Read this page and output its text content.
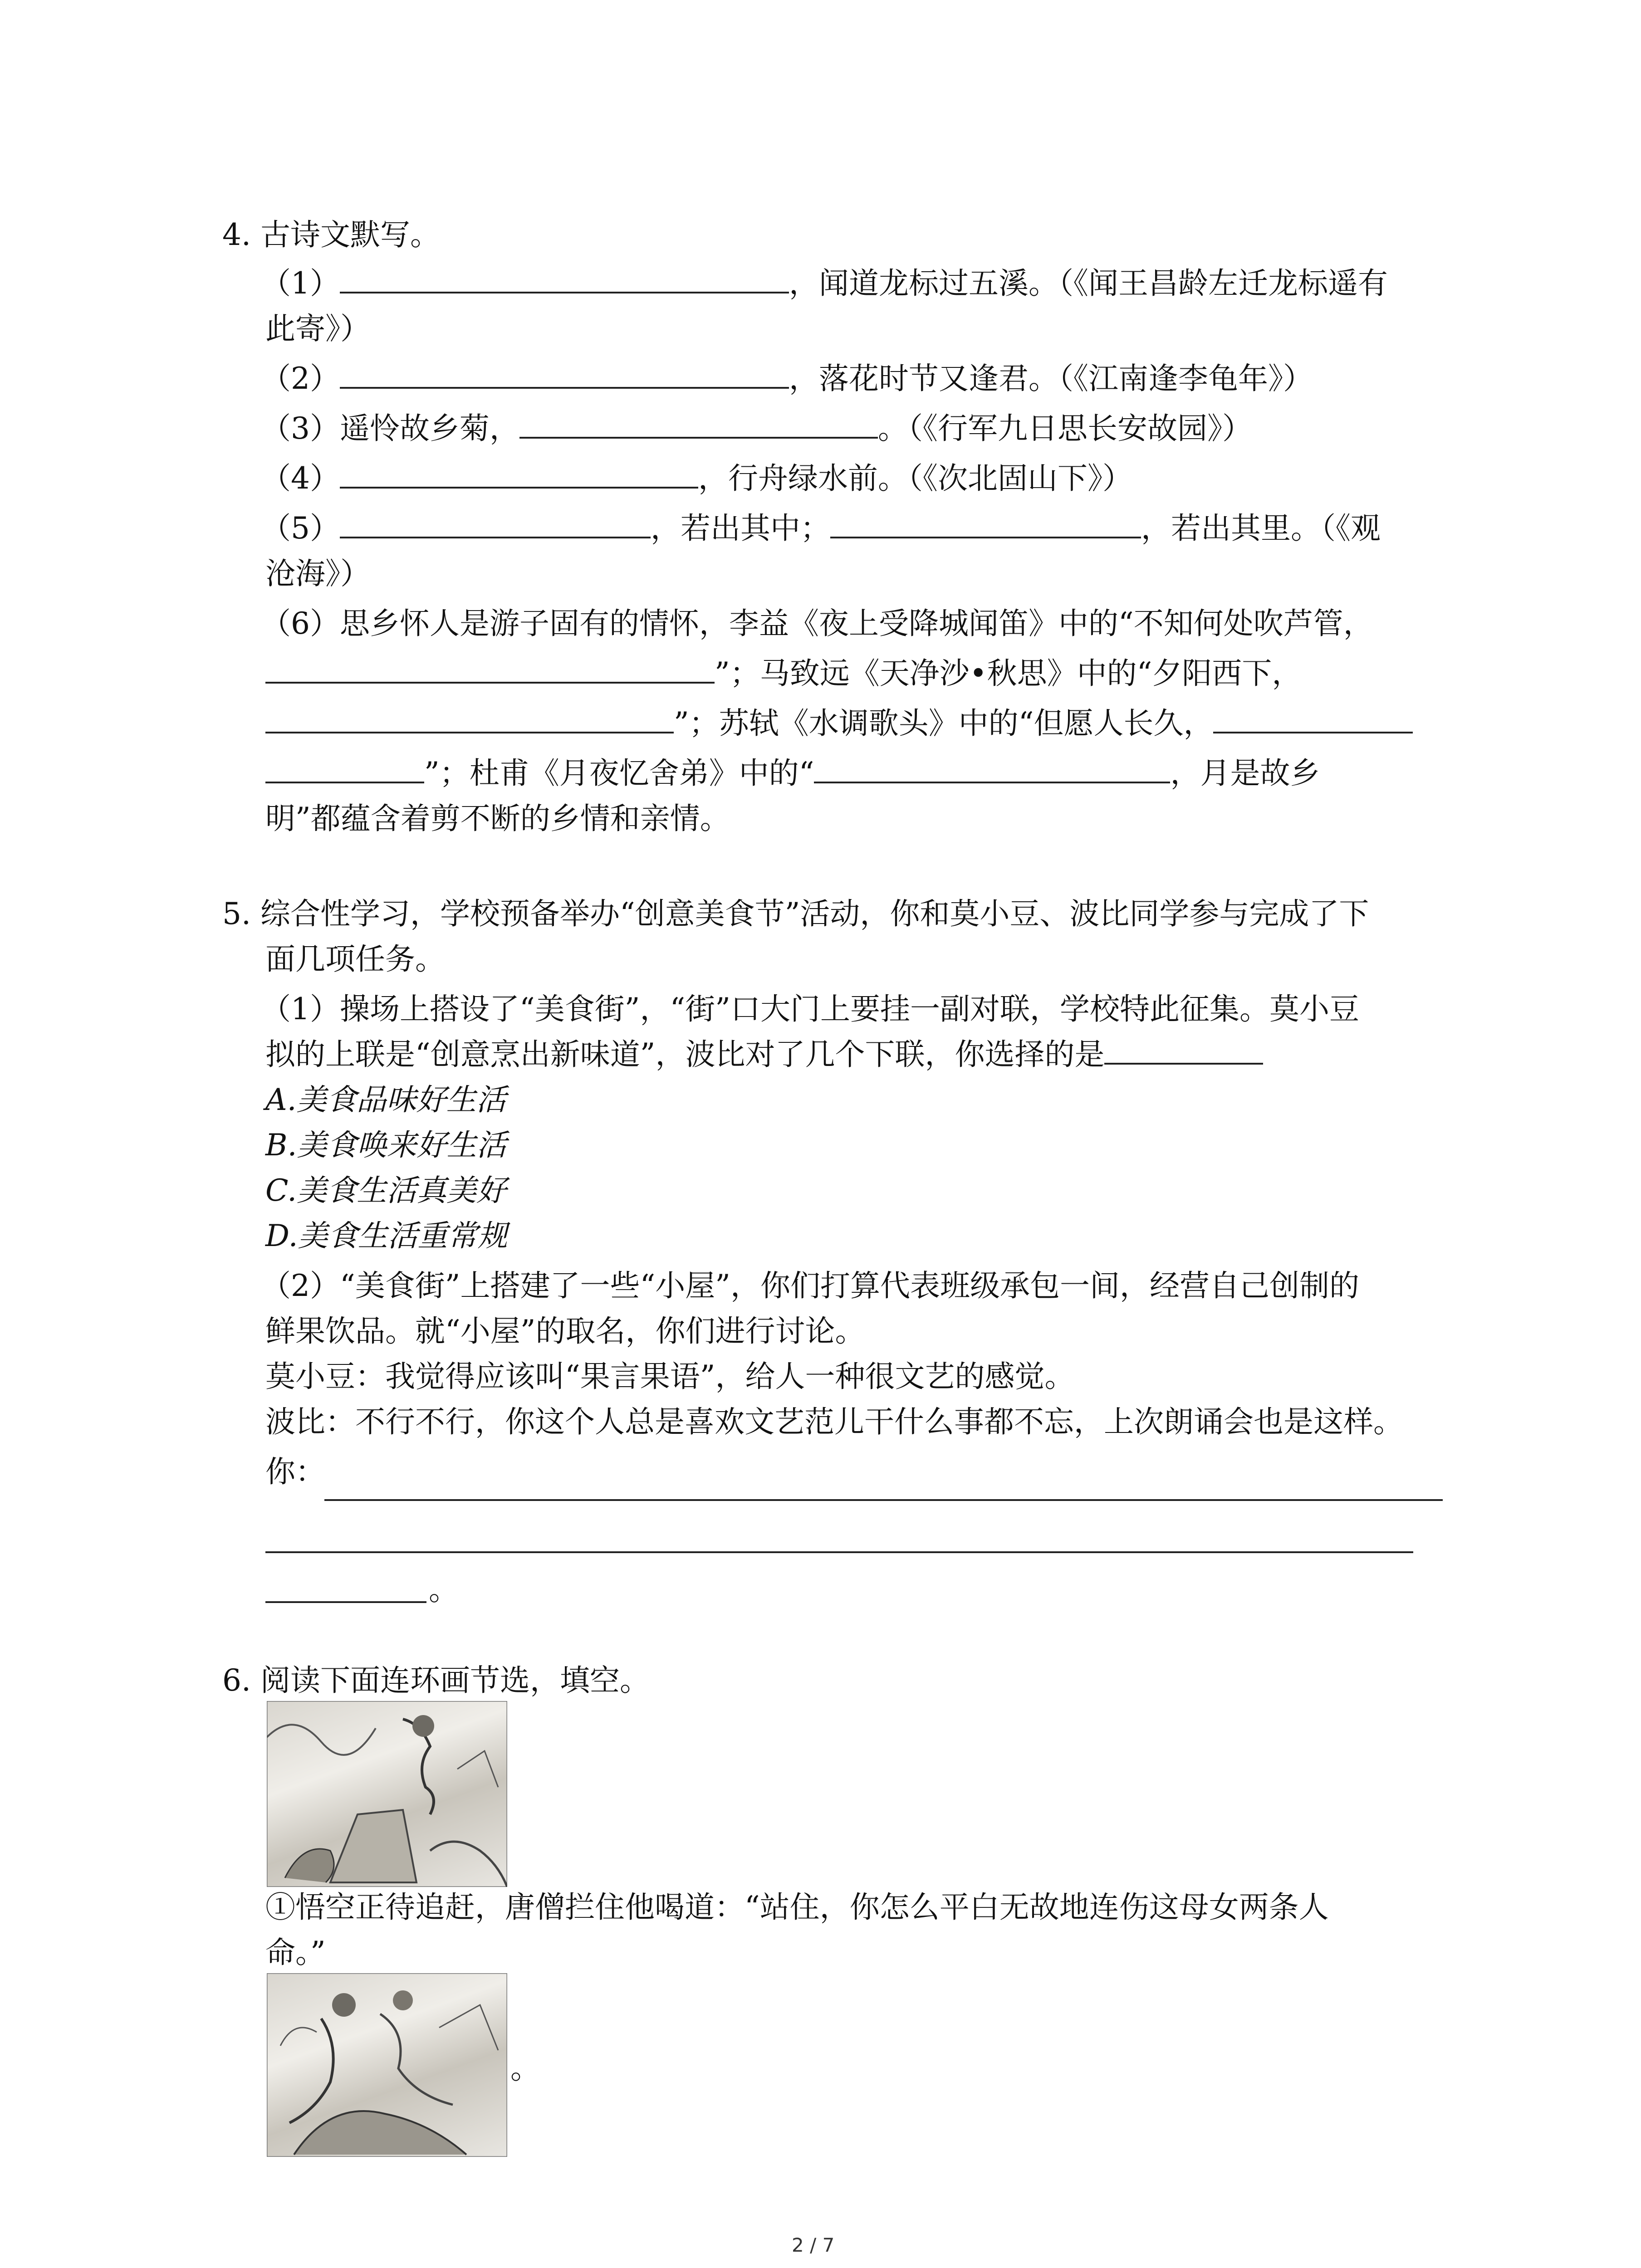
4. 古诗文默写。
（1）	，闻道龙标过五溪。（《闻王昌龄左迁龙标遥有
此寄》）
（2）	，落花时节又逢君。（《江南逢李龟年》）
（3）遥怜故乡菊，	。（《行军九日思长安故园》）
（4）	，行舟绿水前。（《次北固山下》）
（5）	，若出其中；	，若出其里。（《观
沧海》）
（6）思乡怀人是游子固有的情怀，李益《夜上受降城闻笛》中的“不知何处吹芦管，
”；马致远《天净沙•秋思》中的“夕阳西下，
”；苏轼《水调歌头》中的“但愿人长久，
”；杜甫《月夜忆舍弟》中的“	，月是故乡
明”都蕴含着剪不断的乡情和亲情。
5. 综合性学习，学校预备举办“创意美食节”活动，你和莫小豆、波比同学参与完成了下
面几项任务。
（1）操场上搭设了“美食街”，“街”口大门上要挂一副对联，学校特此征集。莫小豆
拟的上联是“创意烹出新味道”，波比对了几个下联，你选择的是
A.美食品味好生活
B.美食唤来好生活
C.美食生活真美好
D.美食生活重常规
（2）“美食街”上搭建了一些“小屋”，你们打算代表班级承包一间，经营自己创制的
鲜果饮品。就“小屋”的取名，你们进行讨论。
莫小豆：我觉得应该叫“果言果语”，给人一种很文艺的感觉。
波比：不行不行，你这个人总是喜欢文艺范儿干什么事都不忘，上次朗诵会也是这样。
你：
。
6. 阅读下面连环画节选，填空。
①悟空正待追赶，唐僧拦住他喝道：“站住，你怎么平白无故地连伤这母女两条人
命。”
。
2 / 7
